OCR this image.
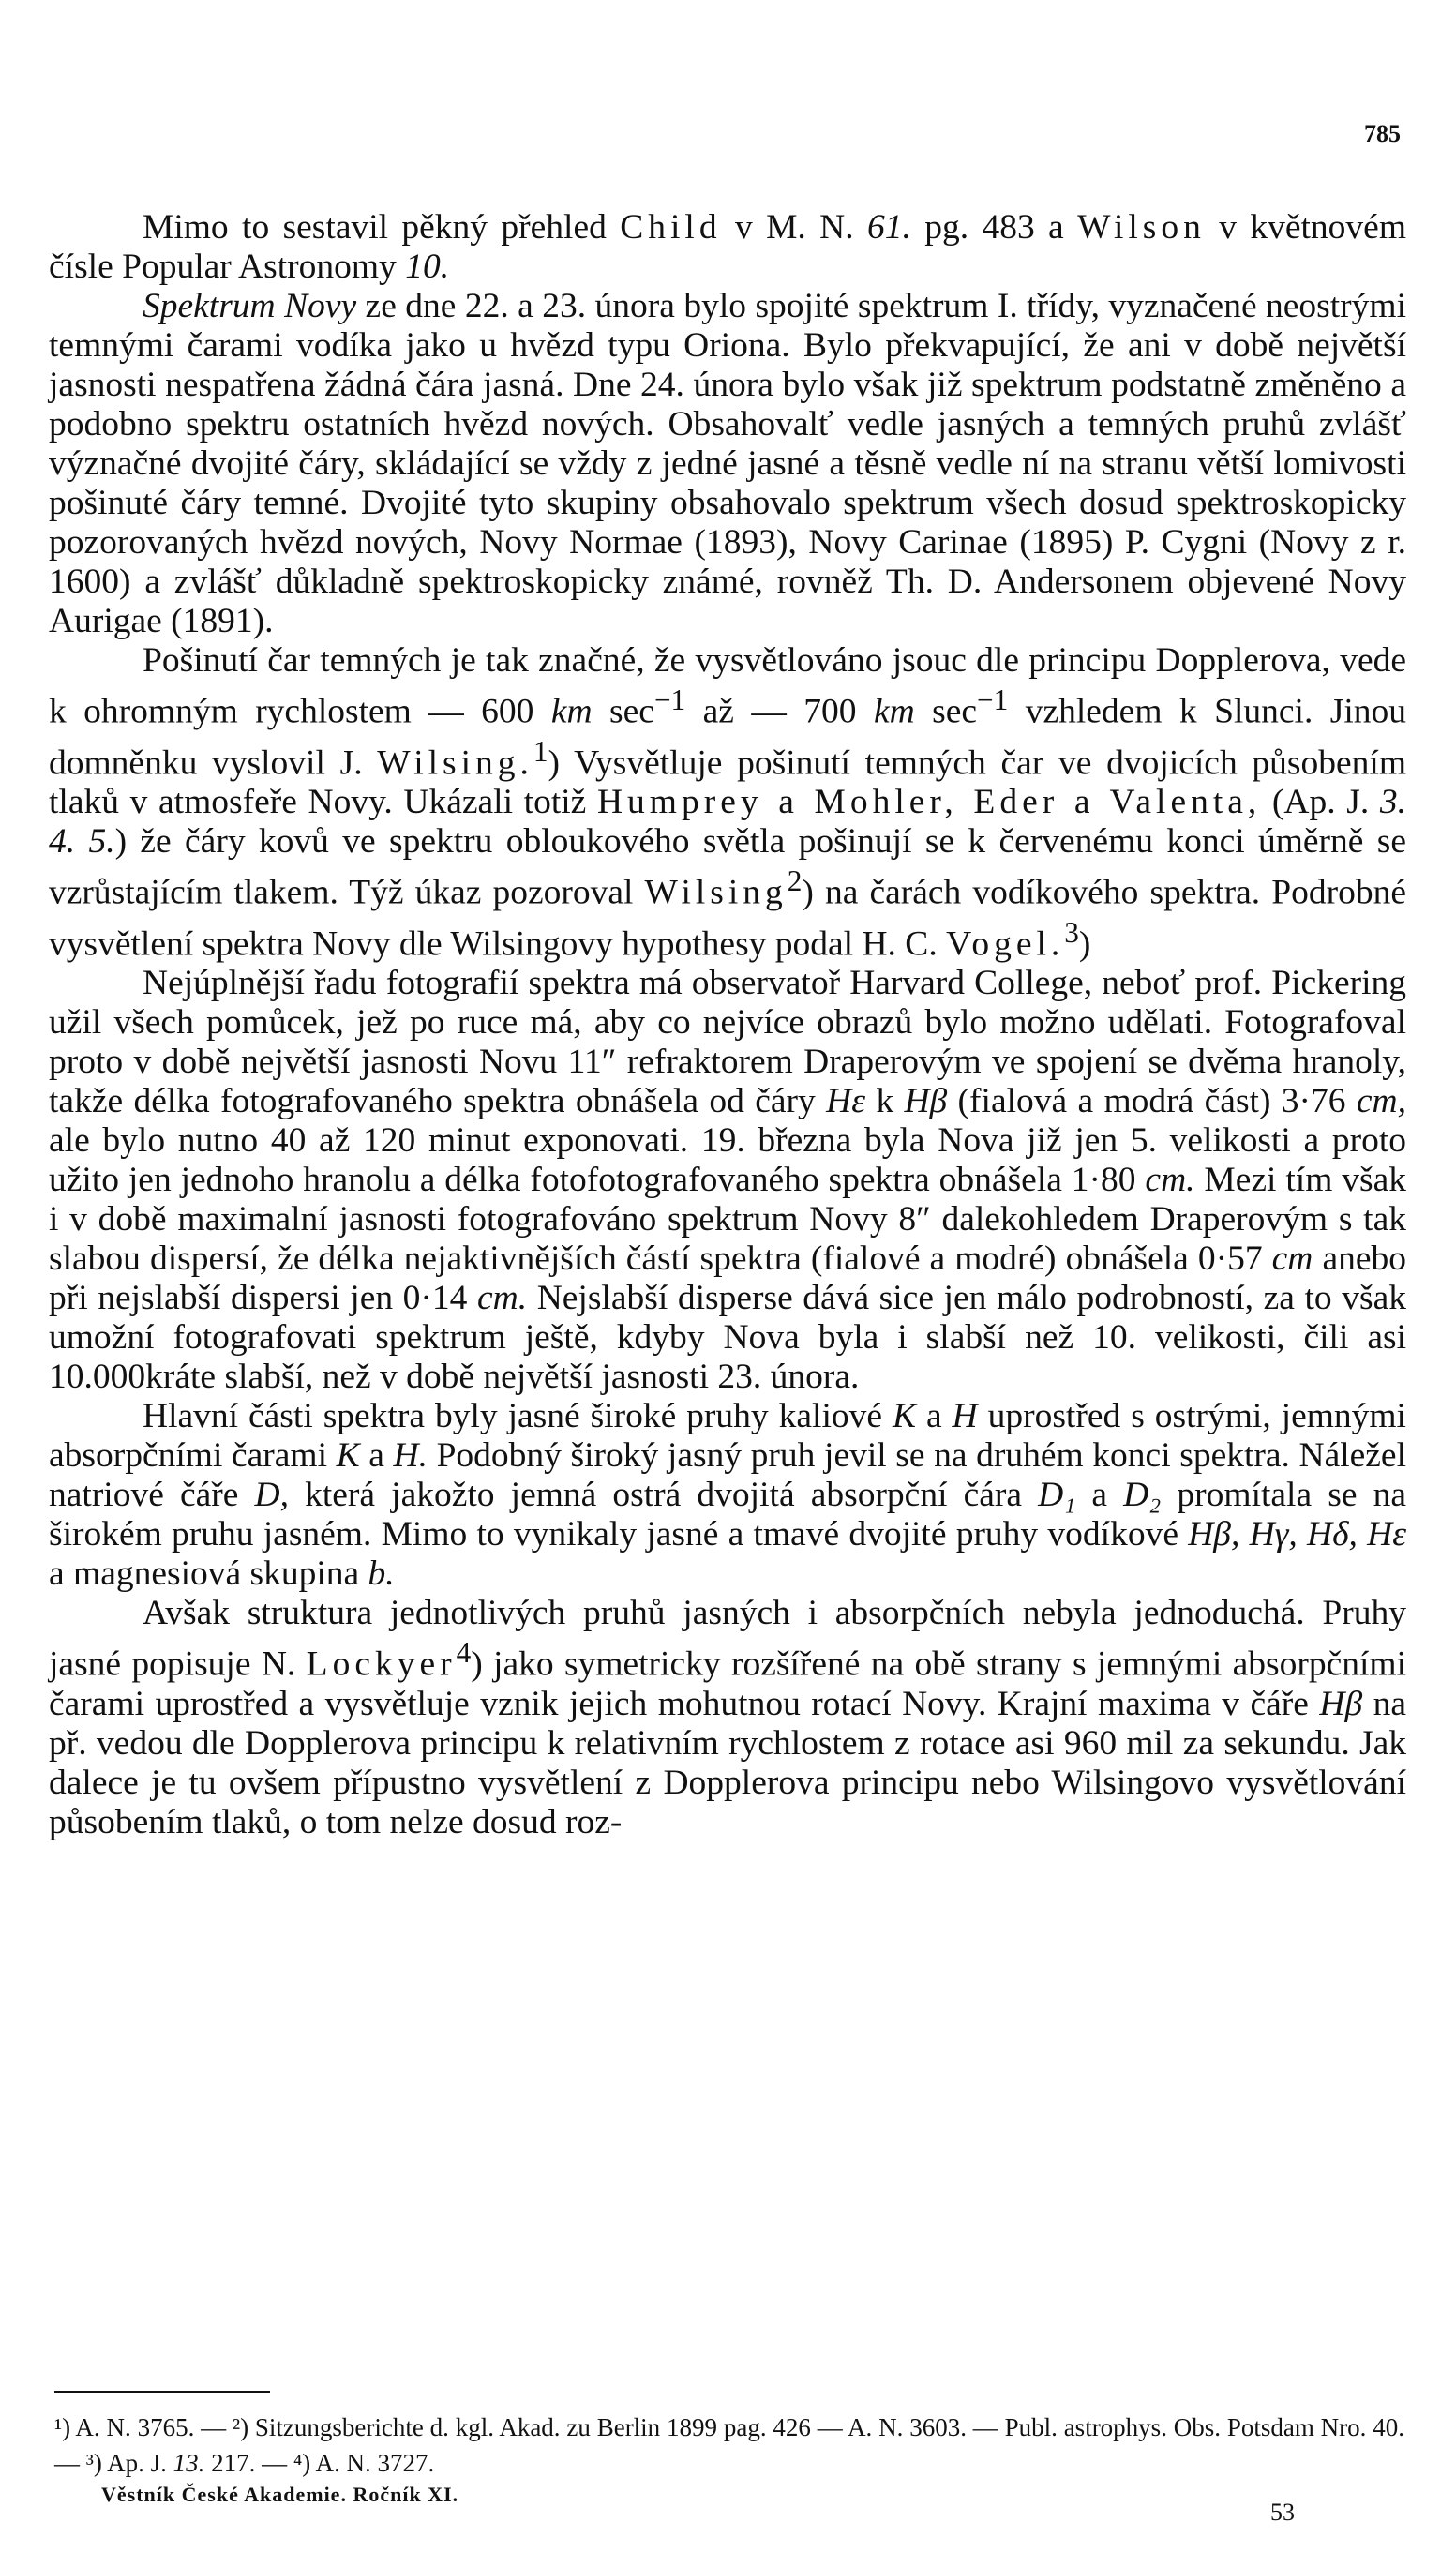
785

Mimo to sestavil pěkný přehled Child v M. N. 61. pg. 483 a Wilson v květnovém čísle Popular Astronomy 10.

Spektrum Novy ze dne 22. a 23. února bylo spojité spektrum I. třídy, vyznačené neostrými temnými čarami vodíka jako u hvězd typu Oriona. Bylo překvapující, že ani v době největší jasnosti nespatřena žádná čára jasná. Dne 24. února bylo však již spektrum podstatně změněno a podobno spektru ostatních hvězd nových. Obsahovalť vedle jasných a temných pruhů zvlášť význačné dvojité čáry, skládající se vždy z jedné jasné a těsně vedle ní na stranu větší lomivosti pošinuté čáry temné. Dvojité tyto skupiny obsahovalo spektrum všech dosud spektroskopicky pozorovaných hvězd nových, Novy Normae (1893), Novy Carinae (1895) P. Cygni (Novy z r. 1600) a zvlášť důkladně spektroskopicky známé, rovněž Th. D. Andersonem objevené Novy Aurigae (1891).

Pošinutí čar temných je tak značné, že vysvětlováno jsouc dle principu Dopplerova, vede k ohromným rychlostem — 600 km $\sec^{-1}$ až — 700 km $\sec^{-1}$ vzhledem k Slunci. Jinou domněnku vyslovil J. Wilsing.$^1$) Vysvětluje pošinutí temných čar ve dvojicích působením tlaků v atmosfeře Novy. Ukázali totiž Humprey a Mohler, Eder a Valenta, (Ap. J. 3. 4. 5.) že čáry kovů ve spektru obloukového světla pošinují se k červenému konci úměrně se vzrůstajícím tlakem. Týž úkaz pozoroval Wilsing$^2$) na čarách vodíkového spektra. Podrobné vysvětlení spektra Novy dle Wilsingovy hypothesy podal H. C. Vogel.$^3$)

Nejúplnější řadu fotografií spektra má observatoř Harvard College, neboť prof. Pickering užil všech pomůcek, jež po ruce má, aby co nejvíce obrazů bylo možno udělati. Fotografoval proto v době největší jasnosti Novu 11″ refraktorem Draperovým ve spojení se dvěma hranoly, takže délka fotografovaného spektra obnášela od čáry Hε k Hβ (fialová a modrá část) 3·76 cm, ale bylo nutno 40 až 120 minut exponovati. 19. března byla Nova již jen 5. velikosti a proto užito jen jednoho hranolu a délka fotofotografovaného spektra obnášela 1·80 cm. Mezi tím však i v době maximalní jasnosti fotografováno spektrum Novy 8″ dalekohledem Draperovým s tak slabou dispersí, že délka nejaktivnějších částí spektra (fialové a modré) obnášela 0·57 cm anebo při nejslabší dispersi jen 0·14 cm. Nejslabší disperse dává sice jen málo podrobností, za to však umožní fotografovati spektrum ještě, kdyby Nova byla i slabší než 10. velikosti, čili asi 10.000kráte slabší, než v době největší jasnosti 23. února.

Hlavní části spektra byly jasné široké pruhy kaliové K a H uprostřed s ostrými, jemnými absorpčními čarami K a H. Podobný široký jasný pruh jevil se na druhém konci spektra. Náležel natriové čáře D, která jakožto jemná ostrá dvojitá absorpční čára D₁ a D₂ promítala se na širokém pruhu jasném. Mimo to vynikaly jasné a tmavé dvojité pruhy vodíkové Hβ, Hγ, Hδ, Hε a magnesiová skupina b.

Avšak struktura jednotlivých pruhů jasných i absorpčních nebyla jednoduchá. Pruhy jasné popisuje N. Lockyer$^4$) jako symetricky rozšířené na obě strany s jemnými absorpčními čarami uprostřed a vysvětluje vznik jejich mohutnou rotací Novy. Krajní maxima v čáře Hβ na př. vedou dle Dopplerova principu k relativním rychlostem z rotace asi 960 mil za sekundu. Jak dalece je tu ovšem přípustno vysvětlení z Dopplerova principu nebo Wilsingovo vysvětlování působením tlaků, o tom nelze dosud roz-

¹) A. N. 3765. — ²) Sitzungsberichte d. kgl. Akad. zu Berlin 1899 pag. 426 — A. N. 3603. — Publ. astrophys. Obs. Potsdam Nro. 40. — ³) Ap. J. 13. 217. — ⁴) A. N. 3727.
Věstník České Akademie. Ročník XI.
53
